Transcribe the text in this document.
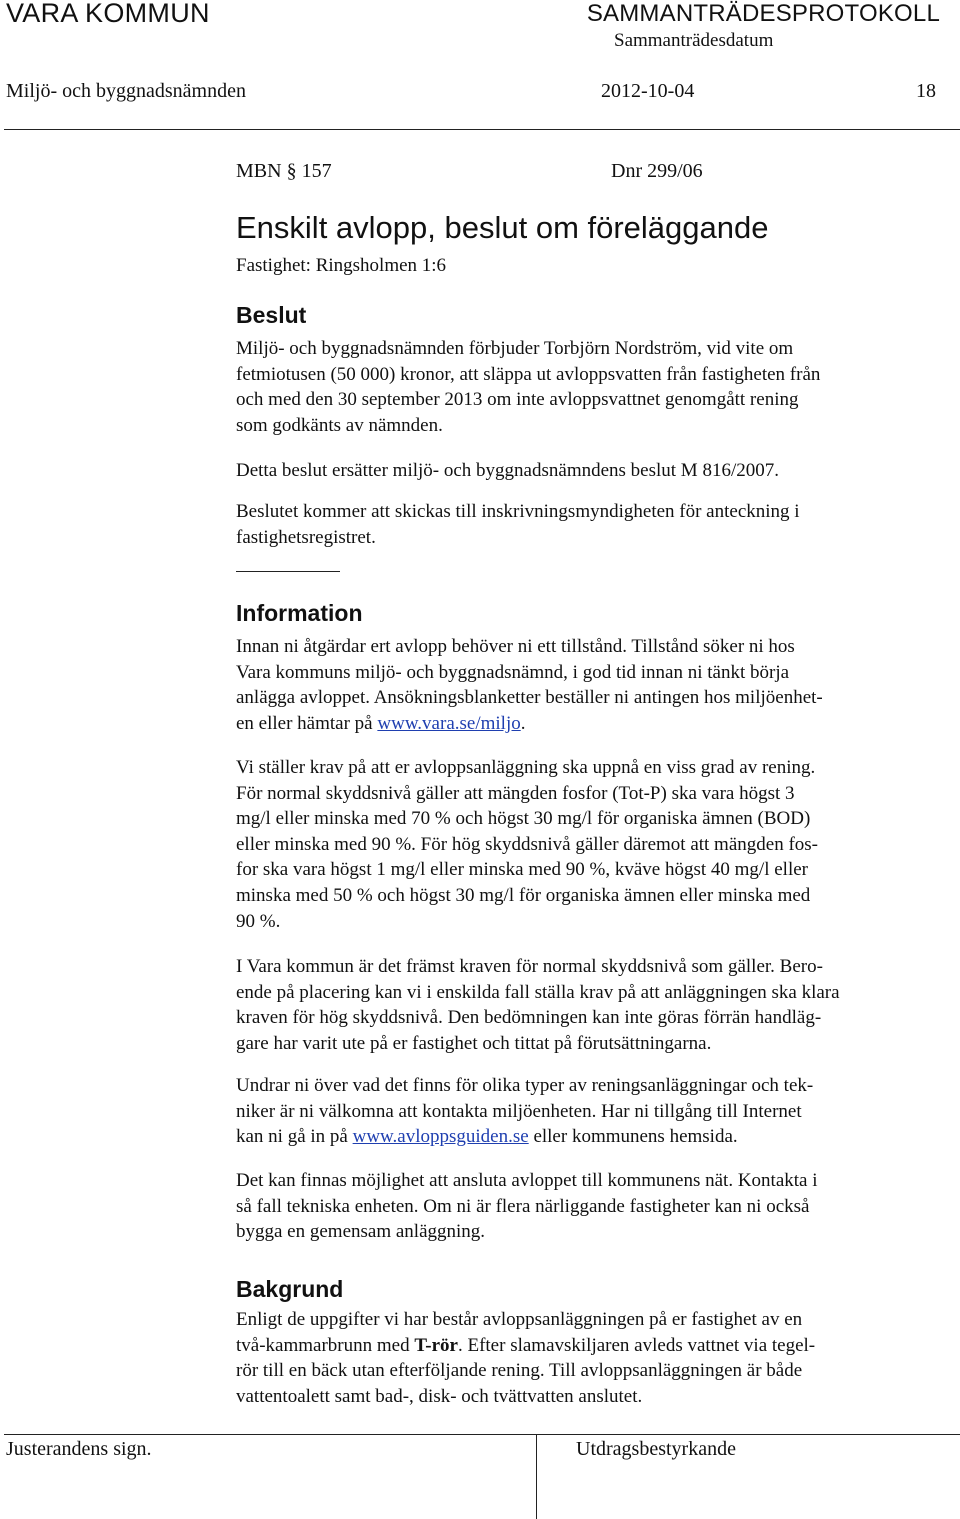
VARA KOMMUN	SAMMANTRÄDESPROTOKOLL
Sammanträdesdatum
Miljö- och byggnadsnämnden	2012-10-04	18
MBN § 157	Dnr 299/06
Enskilt avlopp, beslut om föreläggande
Fastighet: Ringsholmen 1:6
Beslut
Miljö- och byggnadsnämnden förbjuder Torbjörn Nordström, vid vite om
fetmiotusen (50 000) kronor, att släppa ut avloppsvatten från fastigheten från
och med den 30 september 2013 om inte avloppsvattnet genomgått rening
som godkänts av nämnden.
Detta beslut ersätter miljö- och byggnadsnämndens beslut M 816/2007.
Beslutet kommer att skickas till inskrivningsmyndigheten för anteckning i
fastighetsregistret.
Information
Innan ni åtgärdar ert avlopp behöver ni ett tillstånd. Tillstånd söker ni hos
Vara kommuns miljö- och byggnadsnämnd, i god tid innan ni tänkt börja
anlägga avloppet. Ansökningsblanketter beställer ni antingen hos miljöenhet-
en eller hämtar på www.vara.se/miljo.
Vi ställer krav på att er avloppsanläggning ska uppnå en viss grad av rening.
För normal skyddsnivå gäller att mängden fosfor (Tot-P) ska vara högst 3
mg/l eller minska med 70 % och högst 30 mg/l för organiska ämnen (BOD)
eller minska med 90 %. För hög skyddsnivå gäller däremot att mängden fos-
for ska vara högst 1 mg/l eller minska med 90 %, kväve högst 40 mg/l eller
minska med 50 % och högst 30 mg/l för organiska ämnen eller minska med
90 %.
I Vara kommun är det främst kraven för normal skyddsnivå som gäller. Bero-
ende på placering kan vi i enskilda fall ställa krav på att anläggningen ska klara
kraven för hög skyddsnivå. Den bedömningen kan inte göras förrän handläg-
gare har varit ute på er fastighet och tittat på förutsättningarna.
Undrar ni över vad det finns för olika typer av reningsanläggningar och tek-
niker är ni välkomna att kontakta miljöenheten. Har ni tillgång till Internet
kan ni gå in på www.avloppsguiden.se eller kommunens hemsida.
Det kan finnas möjlighet att ansluta avloppet till kommunens nät. Kontakta i
så fall tekniska enheten. Om ni är flera närliggande fastigheter kan ni också
bygga en gemensam anläggning.
Bakgrund
Enligt de uppgifter vi har består avloppsanläggningen på er fastighet av en
två-kammarbrunn med T-rör. Efter slamavskiljaren avleds vattnet via tegel-
rör till en bäck utan efterföljande rening. Till avloppsanläggningen är både
vattentoalett samt bad-, disk- och tvättvatten anslutet.
Justerandens sign.	Utdragsbestyrkande
